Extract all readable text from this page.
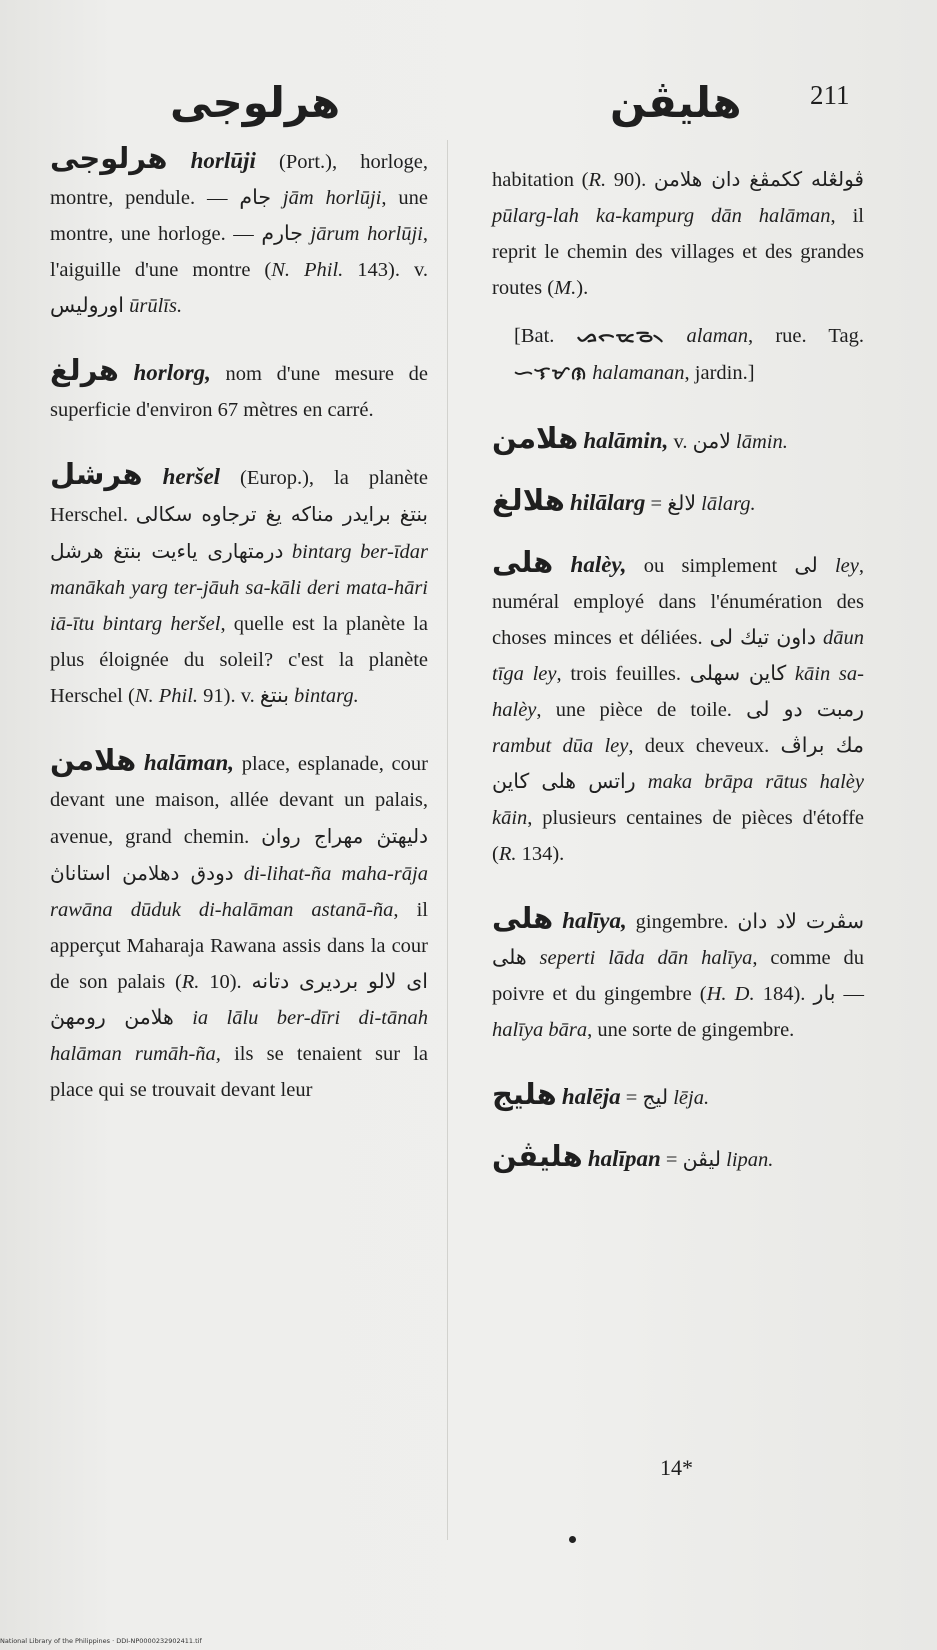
هرلوجى	هليڤن	211

هرلوجى horlūji (Port.), horloge, montre, pendule. — جام jām horlūji, une montre, une horloge. — جارم jārum horlūji, l'aiguille d'une montre (N. Phil. 143). v. اوروليس ūrūlīs.

هرلغ horlorg, nom d'une mesure de superficie d'environ 67 mètres en carré.

هرشل heršel (Europ.), la planète Herschel. بنتغ برايدر مناكه يغ ترجاوه سكالى درمتهارى ياءيت بنتغ هرشل bintarg ber-īdar manākah yarg ter-jāuh sa-kāli deri mata-hāri iā-ītu bintarg heršel, quelle est la planète la plus éloignée du soleil? c'est la planète Herschel (N. Phil. 91). v. بنتغ bintarg.

هلامن halāman, place, esplanade, cour devant une maison, allée devant un palais, avenue, grand chemin. دليهتڽ مهراج روان دودق دهلامن استاناڽ di-lihat-ña maha-rāja rawāna dūduk di-halāman astanā-ña, il apperçut Maharaja Rawana assis dans la cour de son palais (R. 10). اى لالو برديرى دتانه هلامن رومهڽ ia lālu ber-dīri di-tānah halāman rumāh-ña, ils se tenaient sur la place qui se trouvait devant leur

habitation (R. 90). ڤولڠله ككمڤغ دان هلامن pūlarg-lah ka-kampurg dān halāman, il reprit le chemin des villages et des grandes routes (M.).

[Bat. ᯀᯞᯔᯉ᯲ alaman, rue. Tag. ᜑᜎᜋᜈ halamanan, jardin.]

هلامن halāmin, v. لامن lāmin.

هلالغ hilālarg = لالغ lālarg.

هلى halèy, ou simplement لى ley, numéral employé dans l'énumération des choses minces et déliées. داون تيك لى dāun tīga ley, trois feuilles. كاين سهلى kāin sa-halèy, une pièce de toile. رمبت دو لى rambut dūa ley, deux cheveux. مك براڤ راتس هلى كاين maka brāpa rātus halèy kāin, plusieurs centaines de pièces d'étoffe (R. 134).

هلى halīya, gingembre. سڤرت لاد دان هلى seperti lāda dān halīya, comme du poivre et du gingembre (H. D. 184). بار — halīya bāra, une sorte de gingembre.

هليج halēja = ليج lēja.

هليڤن halīpan = ليڤن lipan.

14*
National Library of the Philippines · DDI-NP0000232902411.tif
